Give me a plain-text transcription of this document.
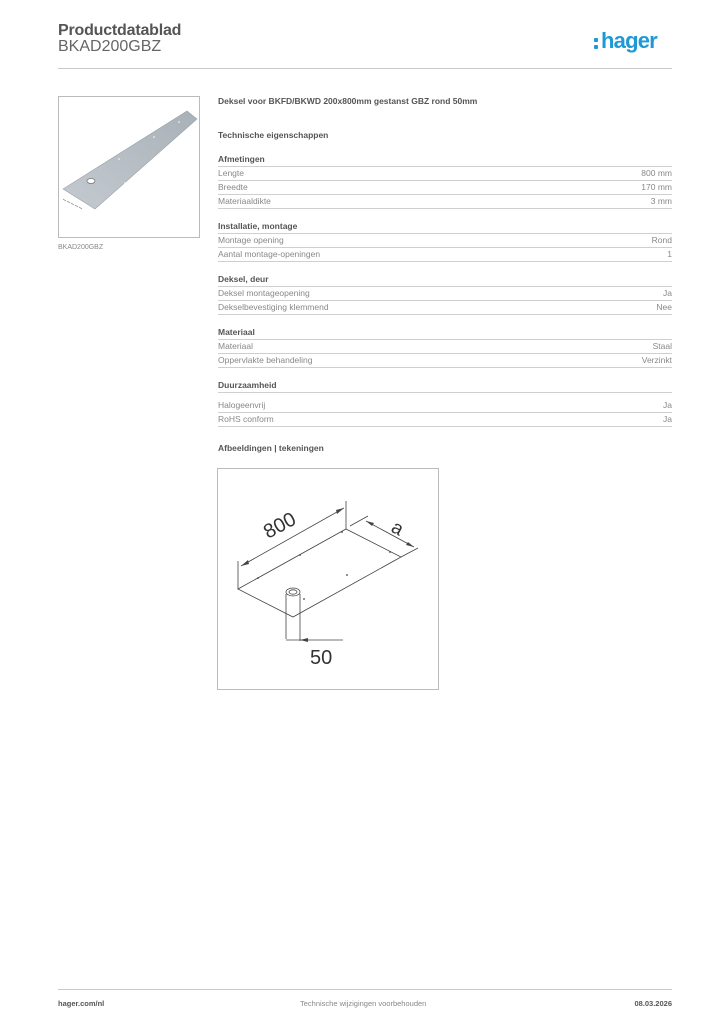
Productdatablad
BKAD200GBZ	hager
BKAD200GBZ
Deksel voor BKFD/BKWD 200x800mm gestanst GBZ rond 50mm
Technische eigenschappen
Afmetingen
Lengte	800 mm
Breedte	170 mm
Materiaaldikte	3 mm
Installatie, montage
Montage opening	Rond
Aantal montage-openingen	1
Deksel, deur
Deksel montageopening	Ja
Dekselbevestiging klemmend	Nee
Materiaal
Materiaal	Staal
Oppervlakte behandeling	Verzinkt
Duurzaamheid
Halogeenvrij	Ja
RoHS conform	Ja
Afbeeldingen | tekeningen
800	a
50
hager.com/nl	Technische wijzigingen voorbehouden	08.03.2026
